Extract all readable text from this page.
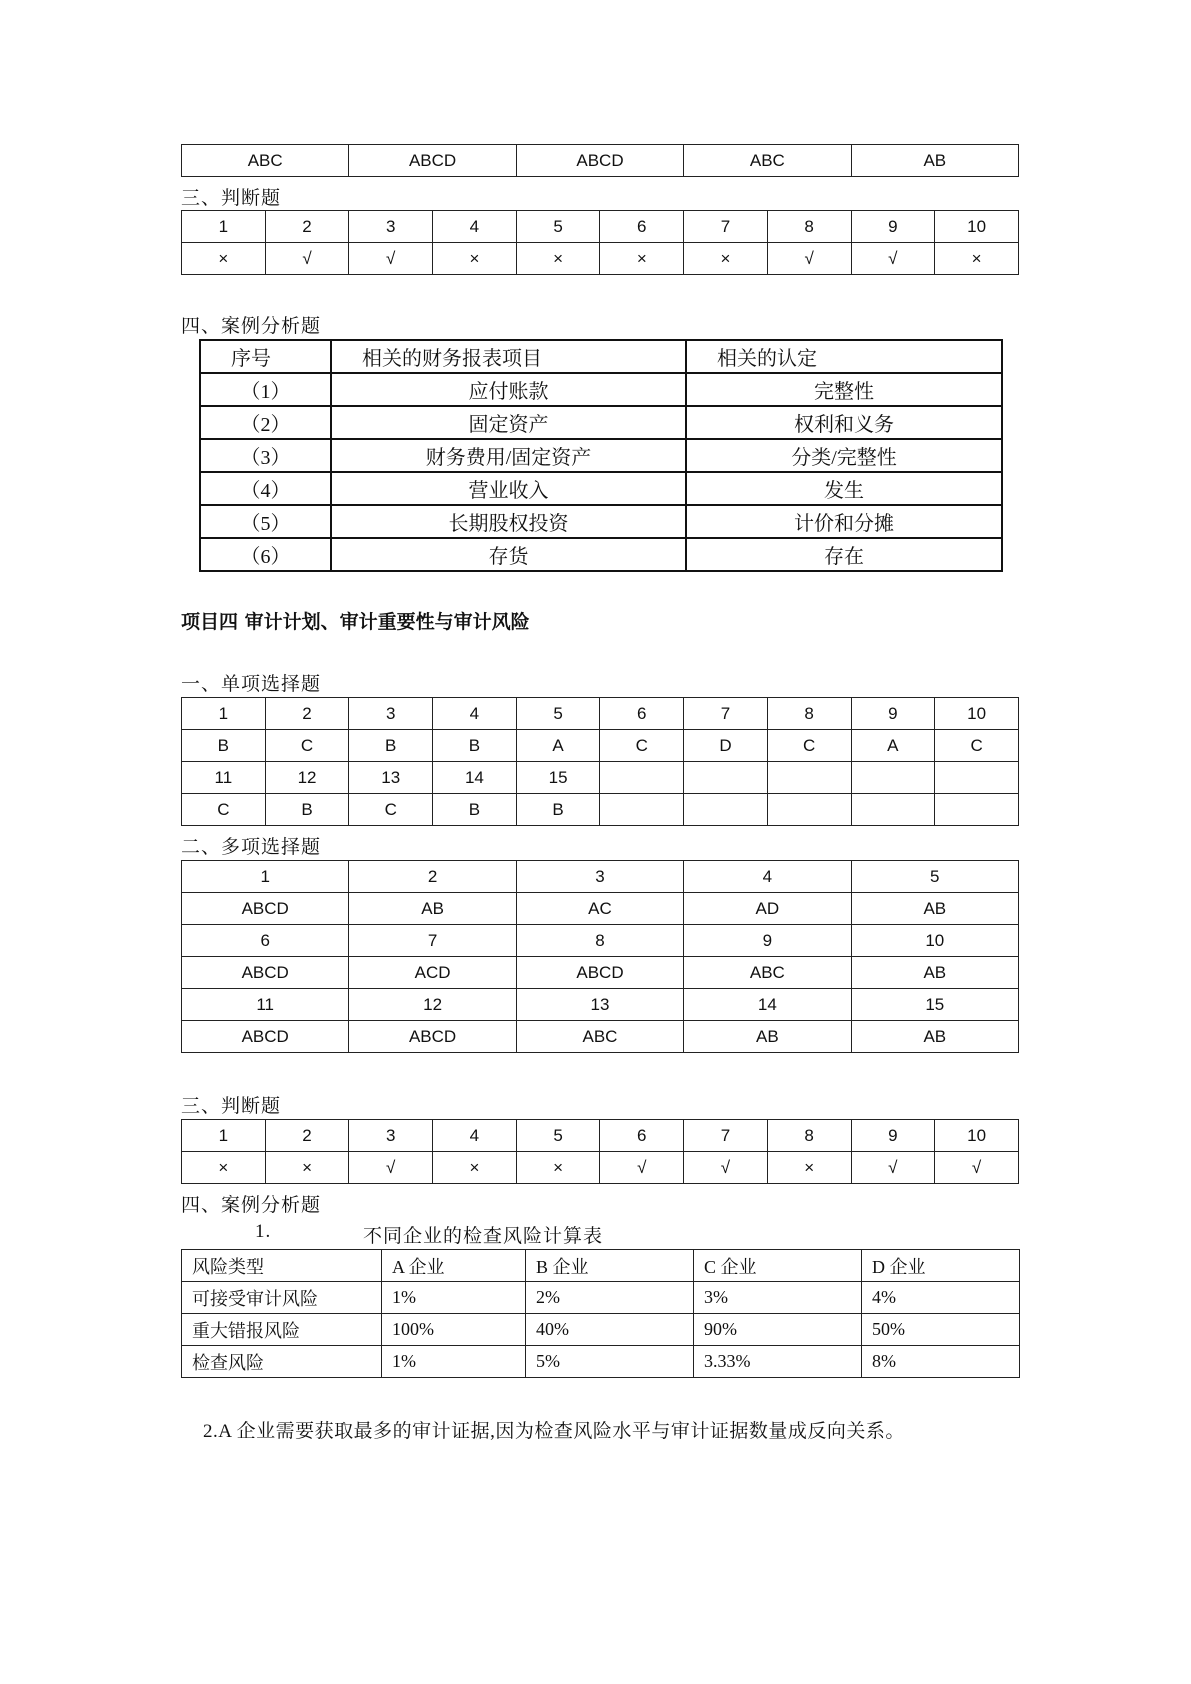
ABC	ABCD	ABCD	ABC	AB
三、判断题
1	2	3	4	5	6	7	8	9	10
×	√	√	×	×	×	×	√	√	×
四、案例分析题
序号	相关的财务报表项目	相关的认定
（1）	应付账款	完整性
（2）	固定资产	权利和义务
（3）	财务费用/固定资产	分类/完整性
（4）	营业收入	发生
（5）	长期股权投资	计价和分摊
（6）	存货	存在
项目四 审计计划、审计重要性与审计风险
一、单项选择题
1	2	3	4	5	6	7	8	9	10
B	C	B	B	A	C	D	C	A	C
11	12	13	14	15					
C	B	C	B	B					
二、多项选择题
1	2	3	4	5
ABCD	AB	AC	AD	AB
6	7	8	9	10
ABCD	ACD	ABCD	ABC	AB
11	12	13	14	15
ABCD	ABCD	ABC	AB	AB
三、判断题
1	2	3	4	5	6	7	8	9	10
×	×	√	×	×	√	√	×	√	√
四、案例分析题
1.	不同企业的检查风险计算表
风险类型	A 企业	B 企业	C 企业	D 企业
可接受审计风险	1%	2%	3%	4%
重大错报风险	100%	40%	90%	50%
检查风险	1%	5%	3.33%	8%
2.A 企业需要获取最多的审计证据,因为检查风险水平与审计证据数量成反向关系。
